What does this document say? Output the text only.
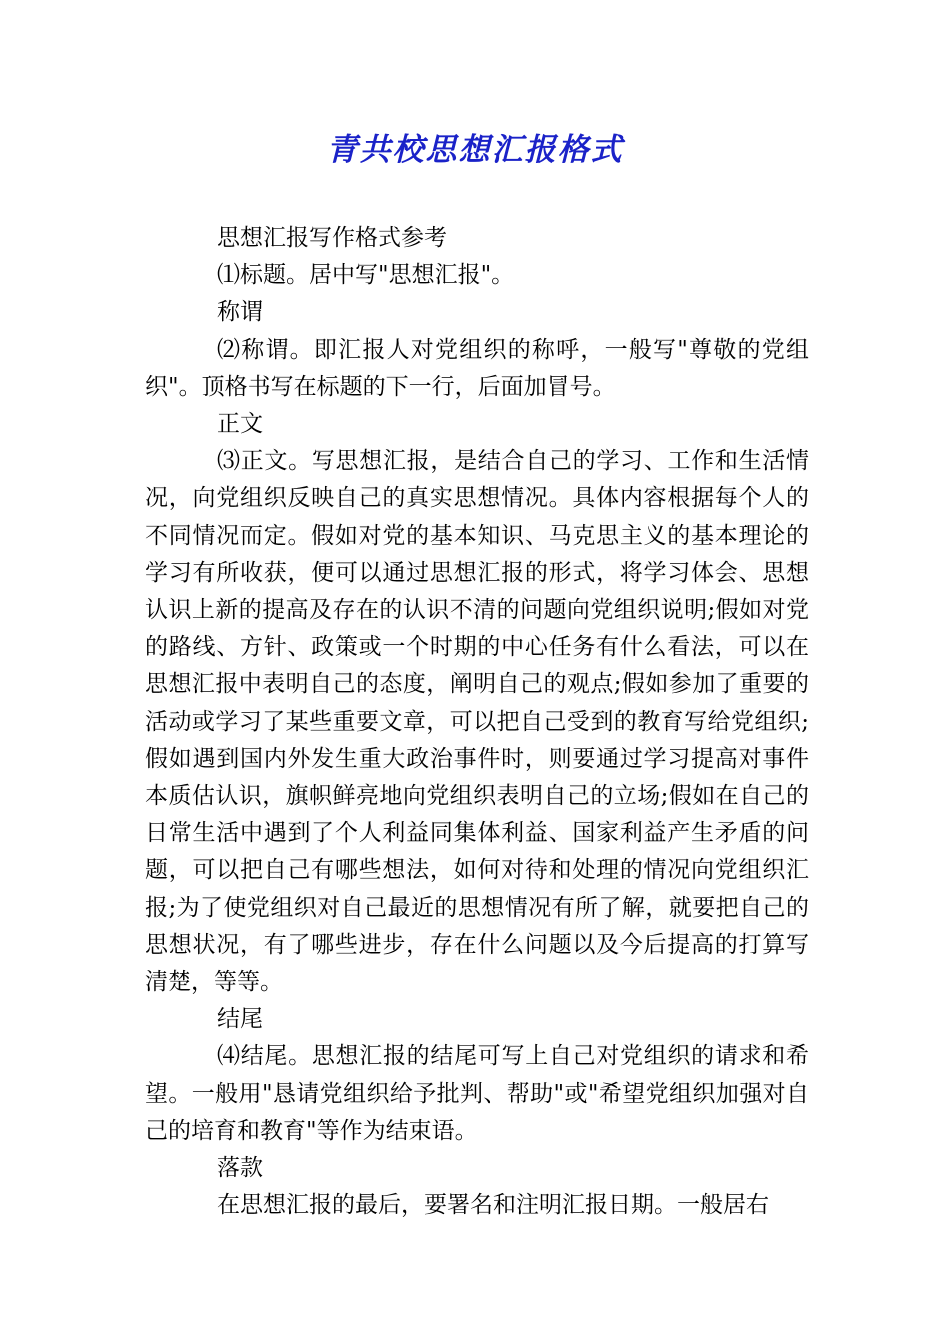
青共校思想汇报格式

思想汇报写作格式参考

⑴标题。居中写"思想汇报"。

称谓

⑵称谓。即汇报人对党组织的称呼，一般写"尊敬的党组织"。顶格书写在标题的下一行，后面加冒号。

正文

⑶正文。写思想汇报，是结合自己的学习、工作和生活情况，向党组织反映自己的真实思想情况。具体内容根据每个人的不同情况而定。假如对党的基本知识、马克思主义的基本理论的学习有所收获，便可以通过思想汇报的形式，将学习体会、思想认识上新的提高及存在的认识不清的问题向党组织说明;假如对党的路线、方针、政策或一个时期的中心任务有什么看法，可以在思想汇报中表明自己的态度，阐明自己的观点;假如参加了重要的活动或学习了某些重要文章，可以把自己受到的教育写给党组织;假如遇到国内外发生重大政治事件时，则要通过学习提高对事件本质估认识，旗帜鲜亮地向党组织表明自己的立场;假如在自己的日常生活中遇到了个人利益同集体利益、国家利益产生矛盾的问题，可以把自己有哪些想法，如何对待和处理的情况向党组织汇报;为了使党组织对自己最近的思想情况有所了解，就要把自己的思想状况，有了哪些进步，存在什么问题以及今后提高的打算写清楚，等等。

结尾

⑷结尾。思想汇报的结尾可写上自己对党组织的请求和希望。一般用"恳请党组织给予批判、帮助"或"希望党组织加强对自己的培育和教育"等作为结束语。

落款

在思想汇报的最后，要署名和注明汇报日期。一般居右
